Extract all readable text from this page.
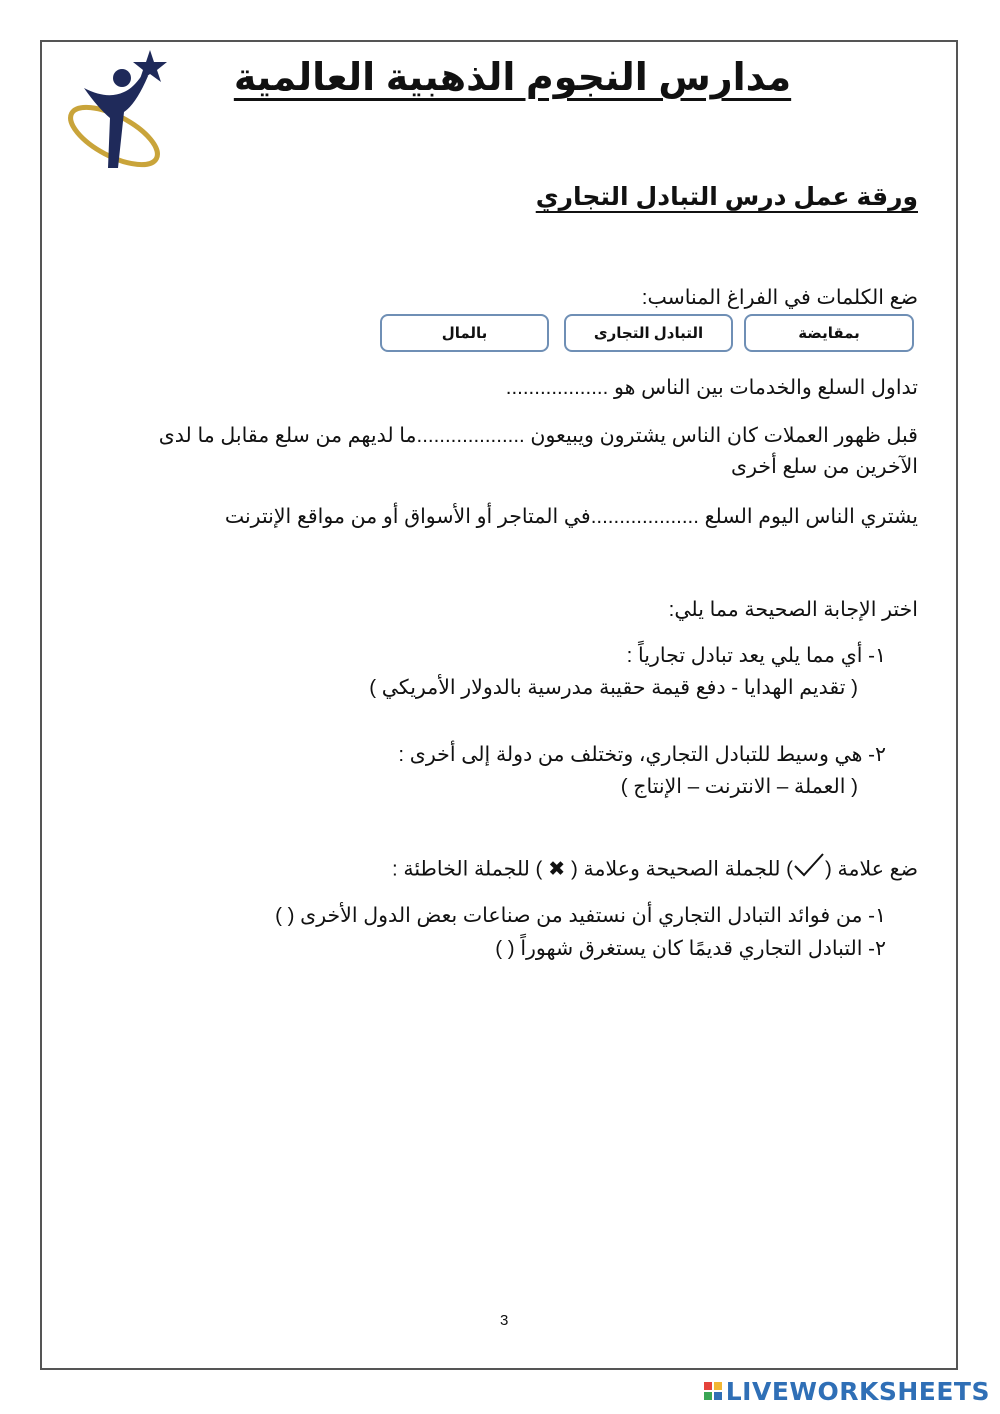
مدارس النجوم الذهبية العالمية
ورقة عمل درس التبادل التجاري
ضع الكلمات في الفراغ المناسب:
بمقايضة
التبادل التجارى
بالمال
تداول السلع والخدمات بين الناس هو ..................
قبل ظهور العملات كان الناس يشترون ويبيعون ...................ما لديهم من سلع مقابل ما لدى
الآخرين من سلع أخرى
يشتري الناس اليوم السلع ...................في المتاجر أو الأسواق أو من مواقع الإنترنت
اختر الإجابة الصحيحة مما يلي:
١- أي مما يلي يعد تبادل تجارياً :
( تقديم الهدايا - دفع قيمة حقيبة مدرسية بالدولار الأمريكي )
٢- هي وسيط للتبادل التجاري، وتختلف من دولة إلى أخرى :
( العملة – الانترنت – الإنتاج )
ضع علامة () للجملة الصحيحة وعلامة ( ✖ ) للجملة الخاطئة :
١- من فوائد التبادل التجاري أن نستفيد من صناعات بعض الدول الأخرى ( )
٢- التبادل التجاري قديمًا كان يستغرق شهوراً ( )
3
LIVEWORKSHEETS
